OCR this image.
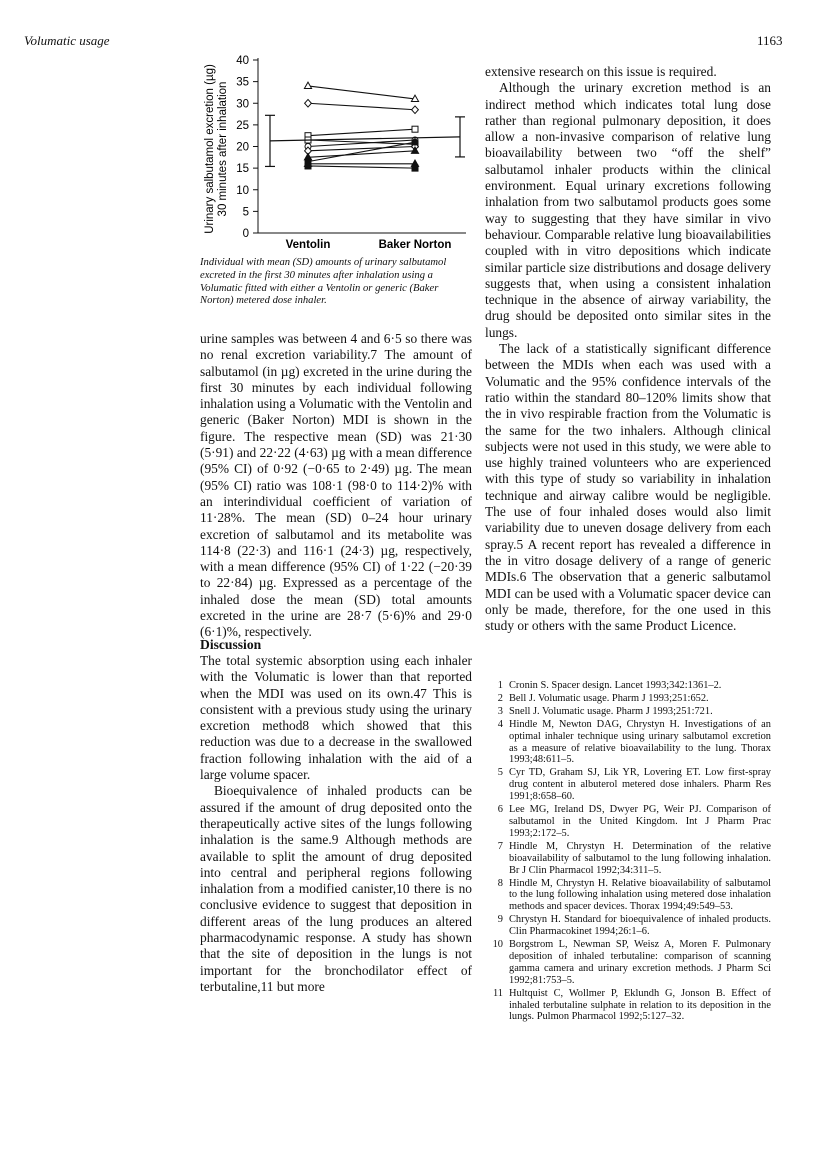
Volumatic usage	1163
Urinary salbutamol excretion (µg) 30 minutes after inhalation
0
5
10
15
20
25
30
35
40
Ventolin	Baker Norton
Individual with mean (SD) amounts of urinary salbutamol excreted in the first 30 minutes after inhalation using a Volumatic fitted with either a Ventolin or generic (Baker Norton) metered dose inhaler.

urine samples was between 4 and 6·5 so there was no renal excretion variability.7 The amount of salbutamol (in µg) excreted in the urine during the first 30 minutes by each individual following inhalation using a Volumatic with the Ventolin and generic (Baker Norton) MDI is shown in the figure. The respective mean (SD) was 21·30 (5·91) and 22·22 (4·63) µg with a mean difference (95% CI) of 0·92 (−0·65 to 2·49) µg. The mean (95% CI) ratio was 108·1 (98·0 to 114·2)% with an interindividual coefficient of variation of 11·28%. The mean (SD) 0–24 hour urinary excretion of salbutamol and its metabolite was 114·8 (22·3) and 116·1 (24·3) µg, respectively, with a mean difference (95% CI) of 1·22 (−20·39 to 22·84) µg. Expressed as a percentage of the inhaled dose the mean (SD) total amounts excreted in the urine are 28·7 (5·6)% and 29·0 (6·1)%, respectively.

Discussion

The total systemic absorption using each inhaler with the Volumatic is lower than that reported when the MDI was used on its own.47 This is consistent with a previous study using the urinary excretion method8 which showed that this reduction was due to a decrease in the swallowed fraction following inhalation with the aid of a large volume spacer.

Bioequivalence of inhaled products can be assured if the amount of drug deposited onto the therapeutically active sites of the lungs following inhalation is the same.9 Although methods are available to split the amount of drug deposited into central and peripheral regions following inhalation from a modified canister,10 there is no conclusive evidence to suggest that deposition in different areas of the lung produces an altered pharmacodynamic response. A study has shown that the site of deposition in the lungs is not important for the bronchodilator effect of terbutaline,11 but more

extensive research on this issue is required.

Although the urinary excretion method is an indirect method which indicates total lung dose rather than regional pulmonary deposition, it does allow a non-invasive comparison of relative lung bioavailability between two “off the shelf” salbutamol inhaler products within the clinical environment. Equal urinary excretions following inhalation from two salbutamol products goes some way to suggesting that they have similar in vivo behaviour. Comparable relative lung bioavailabilities coupled with in vitro depositions which indicate similar particle size distributions and dosage delivery suggests that, when using a consistent inhalation technique in the absence of airway variability, the drug should be deposited onto similar sites in the lungs.

The lack of a statistically significant difference between the MDIs when each was used with a Volumatic and the 95% confidence intervals of the ratio within the standard 80–120% limits show that the in vivo respirable fraction from the Volumatic is the same for the two inhalers. Although clinical subjects were not used in this study, we were able to use highly trained volunteers who are experienced with this type of study so variability in inhalation technique and airway calibre would be negligible. The use of four inhaled doses would also limit variability due to uneven dosage delivery from each spray.5 A recent report has revealed a difference in the in vitro dosage delivery of a range of generic MDIs.6 The observation that a generic salbutamol MDI can be used with a Volumatic spacer device can only be made, therefore, for the one used in this study or others with the same Product Licence.

1 Cronin S. Spacer design. Lancet 1993;342:1361–2.
2 Bell J. Volumatic usage. Pharm J 1993;251:652.
3 Snell J. Volumatic usage. Pharm J 1993;251:721.
4 Hindle M, Newton DAG, Chrystyn H. Investigations of an optimal inhaler technique using urinary salbutamol excretion as a measure of relative bioavailability to the lung. Thorax 1993;48:611–5.
5 Cyr TD, Graham SJ, Lik YR, Lovering ET. Low first-spray drug content in albuterol metered dose inhalers. Pharm Res 1991;8:658–60.
6 Lee MG, Ireland DS, Dwyer PG, Weir PJ. Comparison of salbutamol in the United Kingdom. Int J Pharm Prac 1993;2:172–5.
7 Hindle M, Chrystyn H. Determination of the relative bioavailability of salbutamol to the lung following inhalation. Br J Clin Pharmacol 1992;34:311–5.
8 Hindle M, Chrystyn H. Relative bioavailability of salbutamol to the lung following inhalation using metered dose inhalation methods and spacer devices. Thorax 1994;49:549–53.
9 Chrystyn H. Standard for bioequivalence of inhaled products. Clin Pharmacokinet 1994;26:1–6.
10 Borgstrom L, Newman SP, Weisz A, Moren F. Pulmonary deposition of inhaled terbutaline: comparison of scanning gamma camera and urinary excretion methods. J Pharm Sci 1992;81:753–5.
11 Hultquist C, Wollmer P, Eklundh G, Jonson B. Effect of inhaled terbutaline sulphate in relation to its deposition in the lungs. Pulmon Pharmacol 1992;5:127–32.
